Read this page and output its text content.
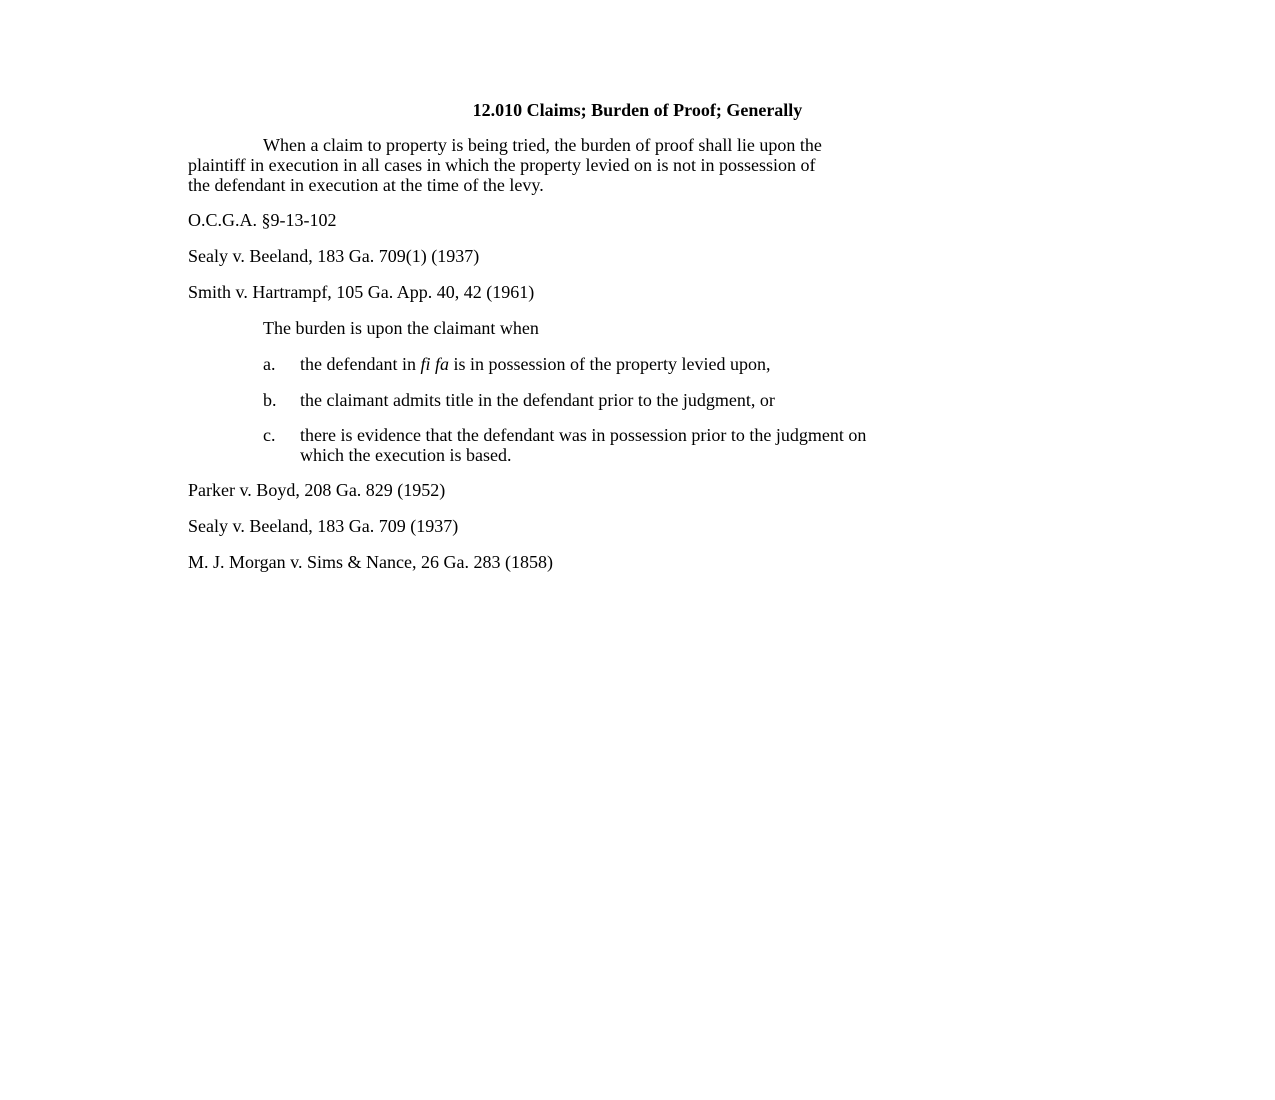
12.010 Claims; Burden of Proof; Generally
When a claim to property is being tried, the burden of proof shall lie upon the
plaintiff in execution in all cases in which the property levied on is not in possession of
the defendant in execution at the time of the levy.
O.C.G.A. §9-13-102
Sealy v. Beeland, 183 Ga. 709(1) (1937)
Smith v. Hartrampf, 105 Ga. App. 40, 42 (1961)
The burden is upon the claimant when
a. the defendant in fi fa is in possession of the property levied upon,
b. the claimant admits title in the defendant prior to the judgment, or
c. there is evidence that the defendant was in possession prior to the judgment on
which the execution is based.
Parker v. Boyd, 208 Ga. 829 (1952)
Sealy v. Beeland, 183 Ga. 709 (1937)
M. J. Morgan v. Sims & Nance, 26 Ga. 283 (1858)
